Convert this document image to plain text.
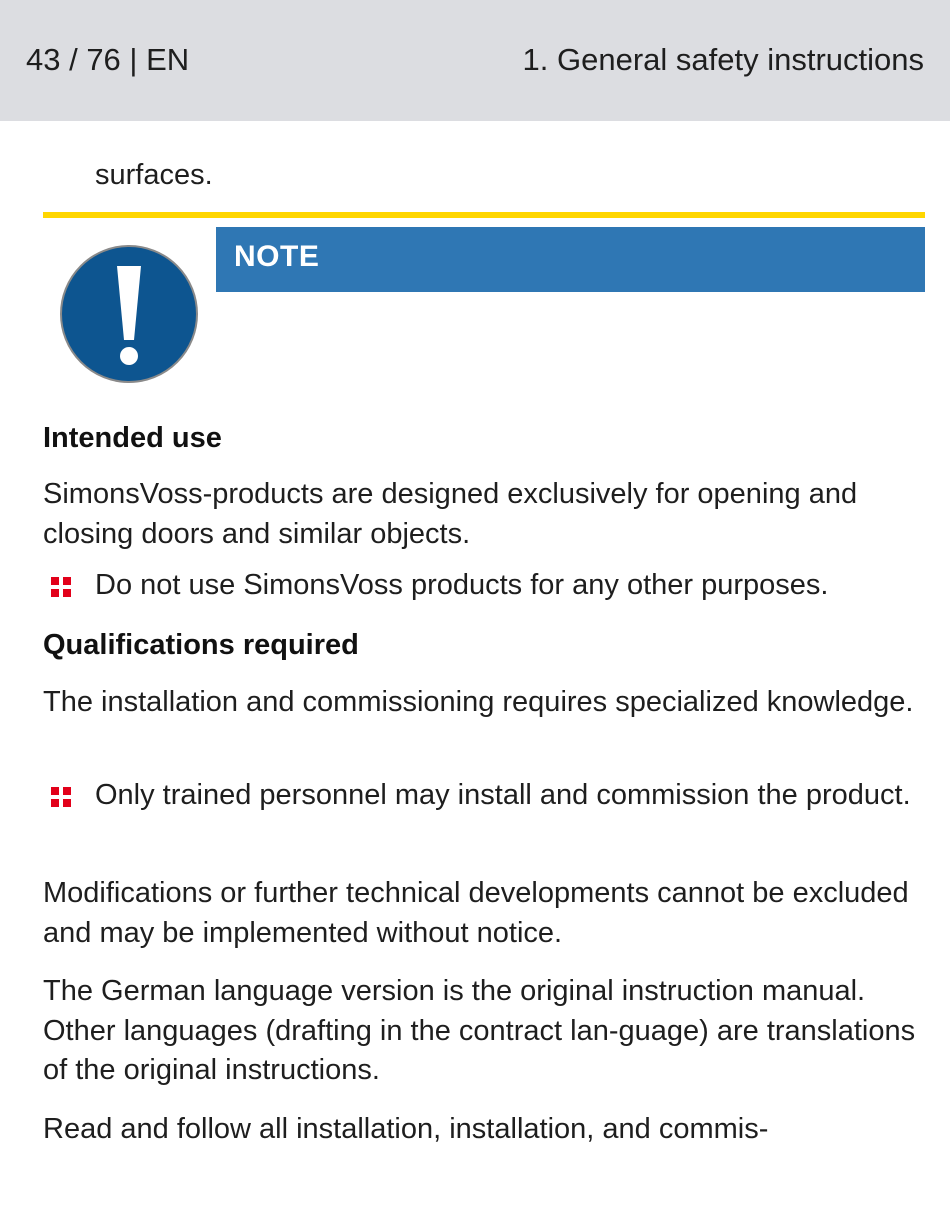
43 / 76 | EN	1. General safety instructions
surfaces.
NOTE
Intended use

SimonsVoss-products are designed exclusively for opening and closing doors and similar objects.

Do not use SimonsVoss products for any other purposes.
Qualifications required

The installation and commissioning requires specialized knowledge.

Only trained personnel may install and commission the product.

Modifications or further technical developments cannot be excluded and may be implemented without notice.

The German language version is the original instruction manual. Other languages (drafting in the contract lan-guage) are translations of the original instructions.

Read and follow all installation, installation, and commis-
